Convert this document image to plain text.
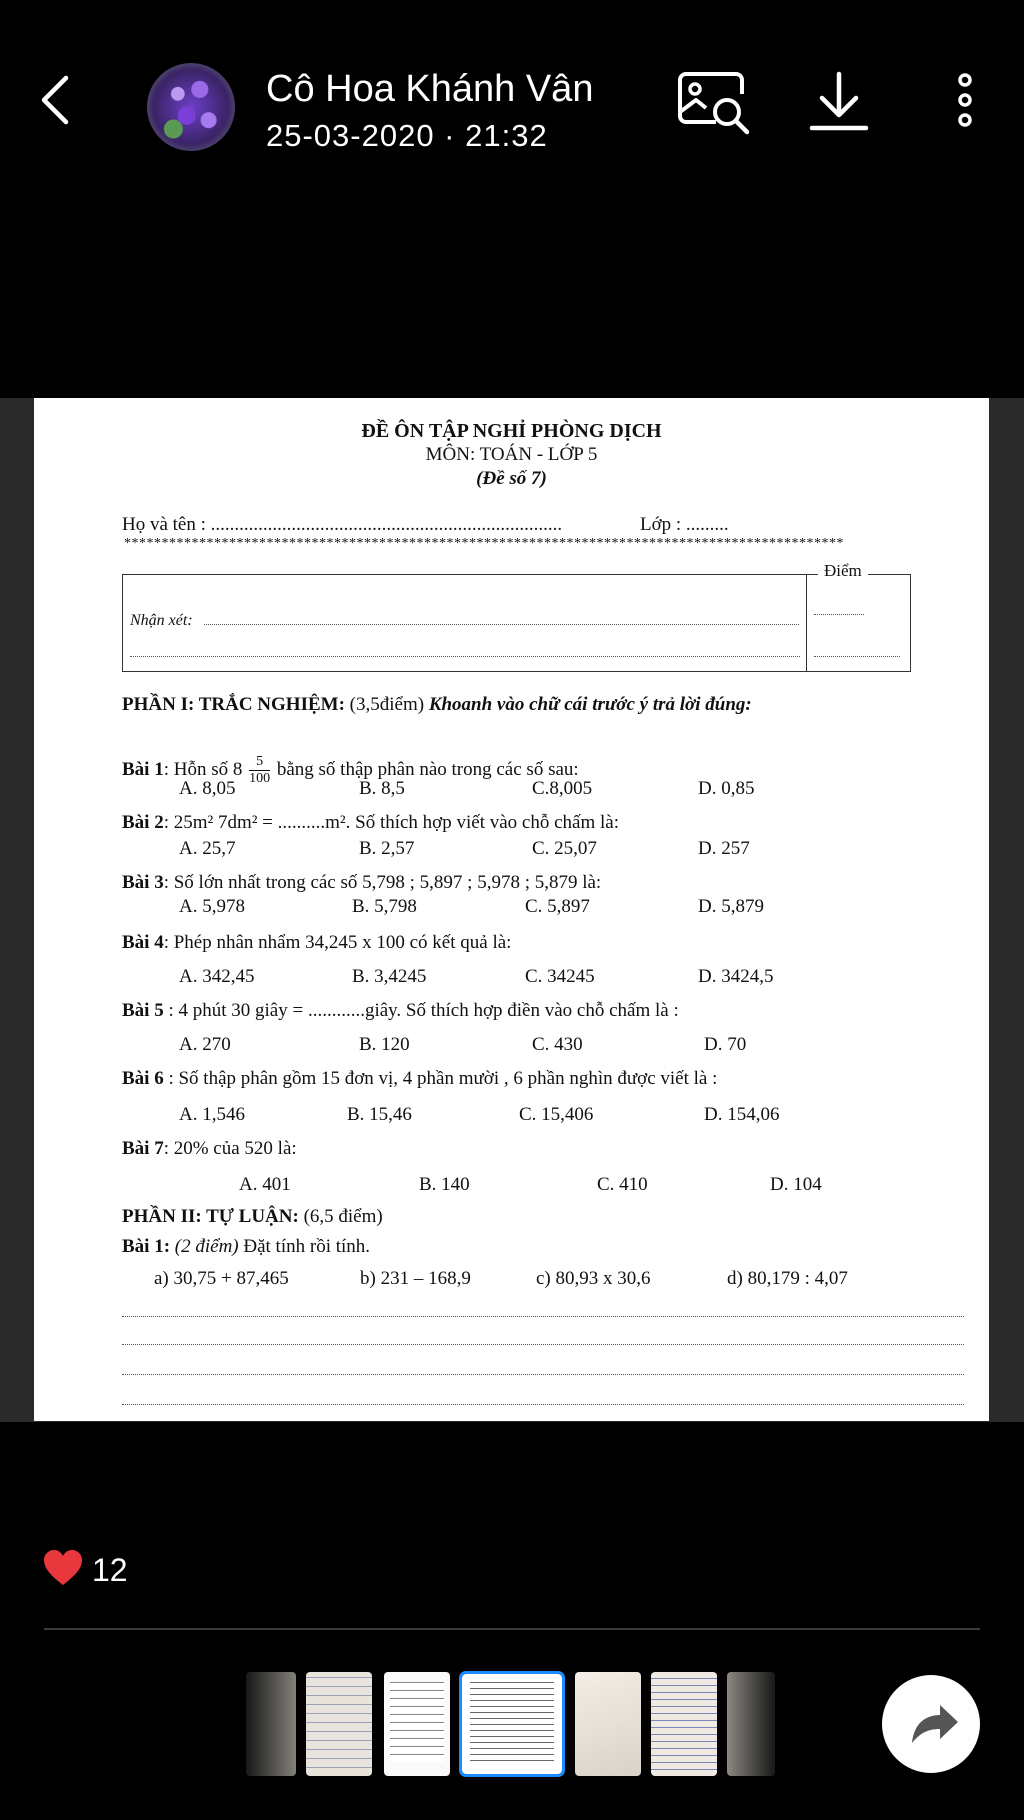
Cô Hoa Khánh Vân
25-03-2020 · 21:32
ĐỀ ÔN TẬP NGHỈ PHÒNG DỊCH
MÔN: TOÁN - LỚP 5
(Đề số 7)
Họ và tên : ..........................................................................	Lớp : .........
************************************************************************************************
Điểm
Nhận xét:
PHẦN I: TRẮC NGHIỆM: (3,5điểm) Khoanh vào chữ cái trước ý trả lời đúng:
Bài 1: Hỗn số $8 \frac{5}{100}$ bằng số thập phân nào trong các số sau:
A. 8,05	B. 8,5	C.8,005	D. 0,85
Bài 2: 25m² 7dm² = ..........m². Số thích hợp viết vào chỗ chấm là:
A. 25,7	B. 2,57	C. 25,07	D. 257
Bài 3: Số lớn nhất trong các số 5,798 ; 5,897 ; 5,978 ; 5,879 là:
A. 5,978	B. 5,798	C. 5,897	D. 5,879
Bài 4: Phép nhân nhẩm 34,245 x 100 có kết quả là:
A. 342,45	B. 3,4245	C. 34245	D. 3424,5
Bài 5 : 4 phút 30 giây = ............giây. Số thích hợp điền vào chỗ chấm là :
A. 270	B. 120	C. 430	D. 70
Bài 6 : Số thập phân gồm 15 đơn vị, 4 phần mười , 6 phần nghìn được viết là :
A. 1,546	B. 15,46	C. 15,406	D. 154,06
Bài 7: 20% của 520 là:
A. 401	B. 140	C. 410	D. 104
PHẦN II: TỰ LUẬN: (6,5 điểm)
Bài 1: (2 điểm) Đặt tính rồi tính.
a) 30,75 + 87,465	b) 231 – 168,9	c) 80,93 x 30,6	d) 80,179 : 4,07
12
